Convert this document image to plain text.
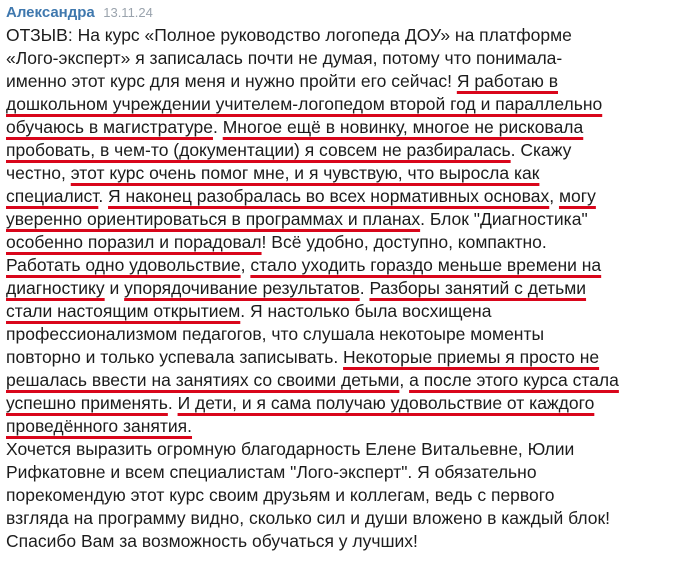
Александра 13.11.24
ОТЗЫВ: На курс «Полное руководство логопеда ДОУ» на платформе
«Лого-эксперт» я записалась почти не думая, потому что понимала-
именно этот курс для меня и нужно пройти его сейчас! Я работаю в
дошкольном учреждении учителем-логопедом второй год и параллельно
обучаюсь в магистратуре. Многое ещё в новинку, многое не рисковала
пробовать, в чем-то (документации) я совсем не разбиралась. Скажу
честно, этот курс очень помог мне, и я чувствую, что выросла как
специалист. Я наконец разобралась во всех нормативных основах, могу
уверенно ориентироваться в программах и планах. Блок "Диагностика"
особенно поразил и порадовал! Всё удобно, доступно, компактно.
Работать одно удовольствие, стало уходить гораздо меньше времени на
диагностику и упорядочивание результатов. Разборы занятий с детьми
стали настоящим открытием. Я настолько была восхищена
профессионализмом педагогов, что слушала некотоыре моменты
повторно и только успевала записывать. Некоторые приемы я просто не
решалась ввести на занятиях со своими детьми, а после этого курса стала
успешно применять. И дети, и я сама получаю удовольствие от каждого
проведённого занятия.
Хочется выразить огромную благодарность Елене Витальевне, Юлии
Рифкатовне и всем специалистам "Лого-эксперт". Я обязательно
порекомендую этот курс своим друзьям и коллегам, ведь с первого
взгляда на программу видно, сколько сил и души вложено в каждый блок!
Спасибо Вам за возможность обучаться у лучших!
